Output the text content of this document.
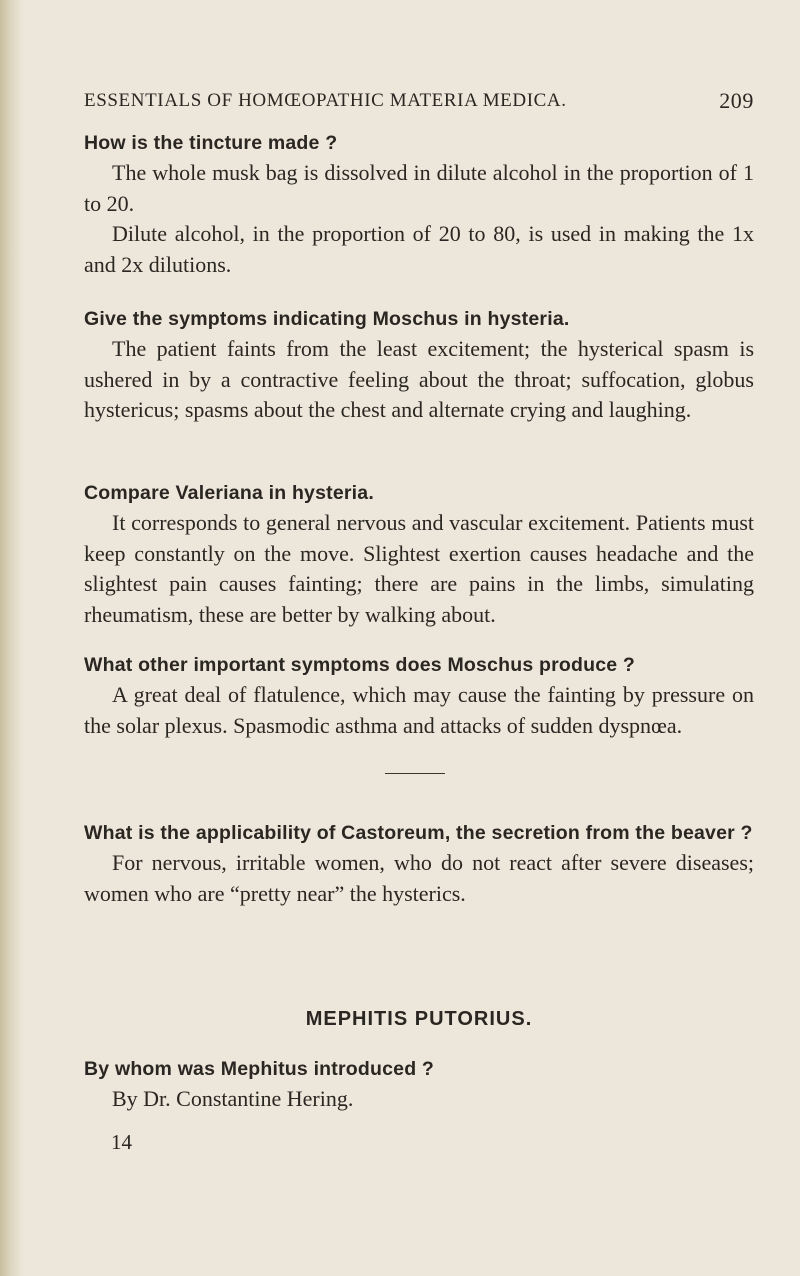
ESSENTIALS OF HOMŒOPATHIC MATERIA MEDICA.	209
How is the tincture made ?

The whole musk bag is dissolved in dilute alcohol in the proportion of 1 to 20.

Dilute alcohol, in the proportion of 20 to 80, is used in making the 1x and 2x dilutions.

Give the symptoms indicating Moschus in hysteria.

The patient faints from the least excitement; the hysterical spasm is ushered in by a contractive feeling about the throat; suffocation, globus hystericus; spasms about the chest and alternate crying and laughing.

Compare Valeriana in hysteria.

It corresponds to general nervous and vascular excitement. Patients must keep constantly on the move. Slightest exertion causes headache and the slightest pain causes fainting; there are pains in the limbs, simulating rheumatism, these are better by walking about.

What other important symptoms does Moschus produce ?

A great deal of flatulence, which may cause the fainting by pressure on the solar plexus. Spasmodic asthma and attacks of sudden dyspnœa.

What is the applicability of Castoreum, the secretion from the beaver ?

For nervous, irritable women, who do not react after severe diseases; women who are “pretty near” the hysterics.

MEPHITIS PUTORIUS.
By whom was Mephitus introduced ?

By Dr. Constantine Hering.

14
